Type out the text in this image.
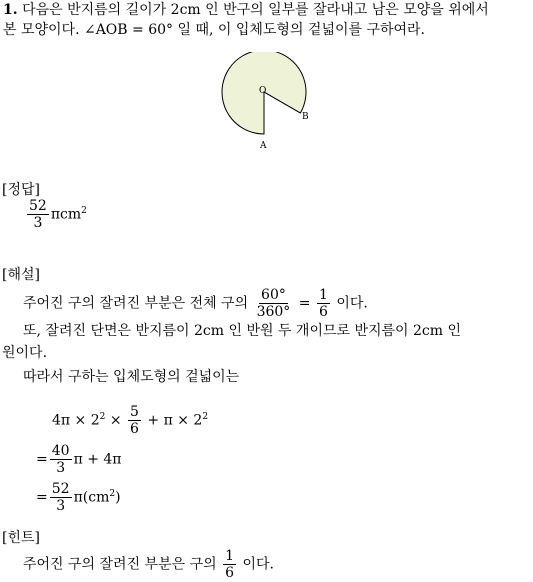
1. 다음은 반지름의 길이가 2cm 인 반구의 일부를 잘라내고 남은 모양을 위에서
본 모양이다. ∠AOB = 60° 일 때, 이 입체도형의 겉넓이를 구하여라.
O
B
A
[정답]
$\frac{52}{3} \pi cm^2$
[해설]
주어진 구의 잘려진 부분은 전체 구의 $\frac{60^\circ}{360^\circ} = \frac{1}{6}$ 이다.
또, 잘려진 단면은 반지름이 2cm 인 반원 두 개이므로 반지름이 2cm 인
원이다.
따라서 구하는 입체도형의 겉넓이는
$4\pi \times 2^2 \times \frac{5}{6} + \pi \times 2^2$
= $\frac{40}{3}$ π + 4π
= $\frac{52}{3} \pi(cm^2)$
[힌트]
주어진 구의 잘려진 부분은 구의 $\frac{1}{6}$ 이다.
